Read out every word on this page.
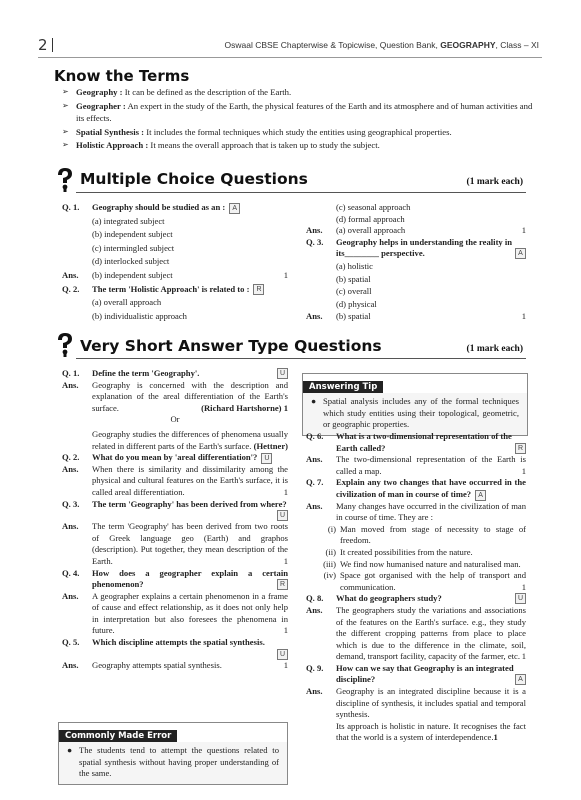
2	Oswaal CBSE Chapterwise & Topicwise, Question Bank, GEOGRAPHY, Class – XI
Know the Terms
➢ Geography : It can be defined as the description of the Earth.
➢ Geographer : An expert in the study of the Earth, the physical features of the Earth and its atmosphere and of human activities and its effects.
➢ Spatial Synthesis : It includes the formal techniques which study the entities using geographical properties.
➢ Holistic Approach : It means the overall approach that is taken up to study the subject.
Multiple Choice Questions	(1 mark each)
Q. 1.	Geography should be studied as an : A
(a) integrated subject
(b) independent subject
(c) intermingled subject
(d) interlocked subject
Ans.	(b) independent subject	1
Q. 2.	The term 'Holistic Approach' is related to : R
(a) overall approach
(b) individualistic approach
(c) seasonal approach
(d) formal approach
Ans.	(a) overall approach	1
Q. 3.	Geography helps in understanding the reality in
its________ perspective.	A
(a) holistic
(b) spatial
(c) overall
(d) physical
Ans.	(b) spatial	1
Very Short Answer Type Questions	(1 mark each)
Q. 1.	Define the term 'Geography'.	U
Ans.	Geography is concerned with the description and explanation of the areal differentiation of the Earth's surface.	(Richard Hartshorne) 1
Or
Geography studies the differences of phenomena usually related in different parts of the Earth's surface. (Hettner)
Q. 2.	What do you mean by 'areal differentiation'? U
Ans.	When there is similarity and dissimilarity among the physical and cultural features on the Earth's surface, it is called areal differentiation.	1
Q. 3.	The term 'Geography' has been derived from where?
U
Ans.	The term 'Geography' has been derived from two roots of Greek language geo (Earth) and graphos (description). Put together, they mean description of the Earth.	1
Q. 4.	How does a geographer explain a certain phenomenon?	R
Ans.	A geographer explains a certain phenomenon in a frame of cause and effect relationship, as it does not only help in interpretation but also foresees the phenomena in future.	1
Q. 5.	Which discipline attempts the spatial synthesis.

U
Ans.	Geography attempts spatial synthesis.	1
Commonly Made Error
● The students tend to attempt the questions related to spatial synthesis without having proper understanding of the same.
Answering Tip
● Spatial analysis includes any of the formal techniques which study entities using their topological, geometric, or geographic properties.
Q. 6.	What is a two-dimensional representation of the Earth called?	R
Ans.	The two-dimensional representation of the Earth is called a map.	1
Q. 7.	Explain any two changes that have occurred in the civilization of man in course of time? A
Ans.	Many changes have occurred in the civilization of man in course of time. They are :
(i) Man moved from stage of necessity to stage of freedom.
(ii) It created possibilities from the nature.
(iii) We find now humanised nature and naturalised man.
(iv) Space got organised with the help of transport and communication.	1
Q. 8.	What do geographers study?	U
Ans.	The geographers study the variations and associations of the features on the Earth's surface. e.g., they study the different cropping patterns from place to place which is due to the difference in the climate, soil, demand, transport facility, capacity of the farmer, etc. 1
Q. 9.	How can we say that Geography is an integrated discipline?	A
Ans.	Geography is an integrated discipline because it is a discipline of synthesis, it includes spatial and temporal synthesis.
Its approach is holistic in nature. It recognises the fact that the world is a system of interdependence.1
